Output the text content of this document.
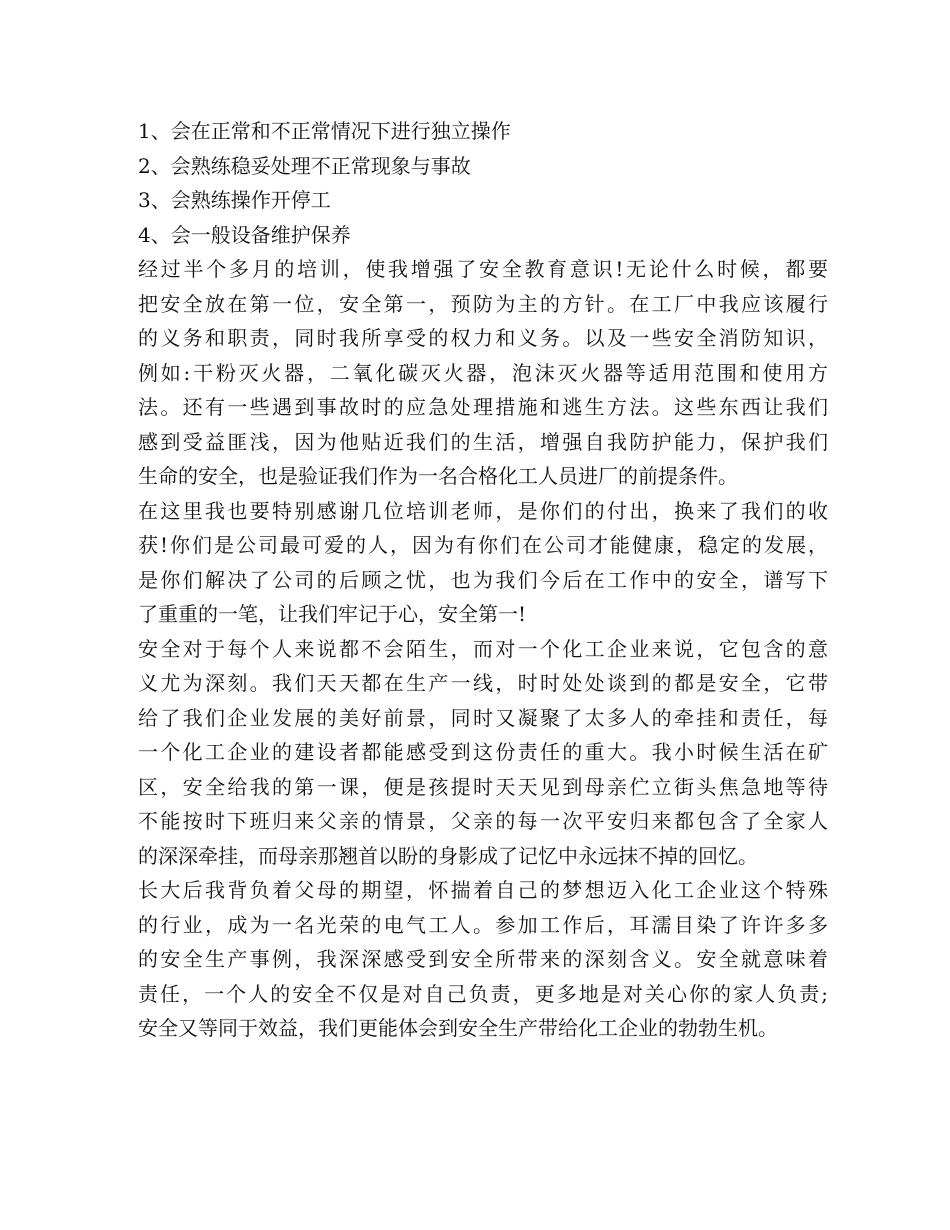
1、会在正常和不正常情况下进行独立操作
2、会熟练稳妥处理不正常现象与事故
3、会熟练操作开停工
4、会一般设备维护保养
经过半个多月的培训，使我增强了安全教育意识!无论什么时候，都要
把安全放在第一位，安全第一，预防为主的方针。在工厂中我应该履行
的义务和职责，同时我所享受的权力和义务。以及一些安全消防知识，
例如:干粉灭火器，二氧化碳灭火器，泡沫灭火器等适用范围和使用方
法。还有一些遇到事故时的应急处理措施和逃生方法。这些东西让我们
感到受益匪浅，因为他贴近我们的生活，增强自我防护能力，保护我们
生命的安全，也是验证我们作为一名合格化工人员进厂的前提条件。
在这里我也要特别感谢几位培训老师，是你们的付出，换来了我们的收
获!你们是公司最可爱的人，因为有你们在公司才能健康，稳定的发展，
是你们解决了公司的后顾之忧，也为我们今后在工作中的安全，谱写下
了重重的一笔，让我们牢记于心，安全第一!
安全对于每个人来说都不会陌生，而对一个化工企业来说，它包含的意
义尤为深刻。我们天天都在生产一线，时时处处谈到的都是安全，它带
给了我们企业发展的美好前景，同时又凝聚了太多人的牵挂和责任，每
一个化工企业的建设者都能感受到这份责任的重大。我小时候生活在矿
区，安全给我的第一课，便是孩提时天天见到母亲伫立街头焦急地等待
不能按时下班归来父亲的情景，父亲的每一次平安归来都包含了全家人
的深深牵挂，而母亲那翘首以盼的身影成了记忆中永远抹不掉的回忆。
长大后我背负着父母的期望，怀揣着自己的梦想迈入化工企业这个特殊
的行业，成为一名光荣的电气工人。参加工作后，耳濡目染了许许多多
的安全生产事例，我深深感受到安全所带来的深刻含义。安全就意味着
责任，一个人的安全不仅是对自己负责，更多地是对关心你的家人负责;
安全又等同于效益，我们更能体会到安全生产带给化工企业的勃勃生机。
